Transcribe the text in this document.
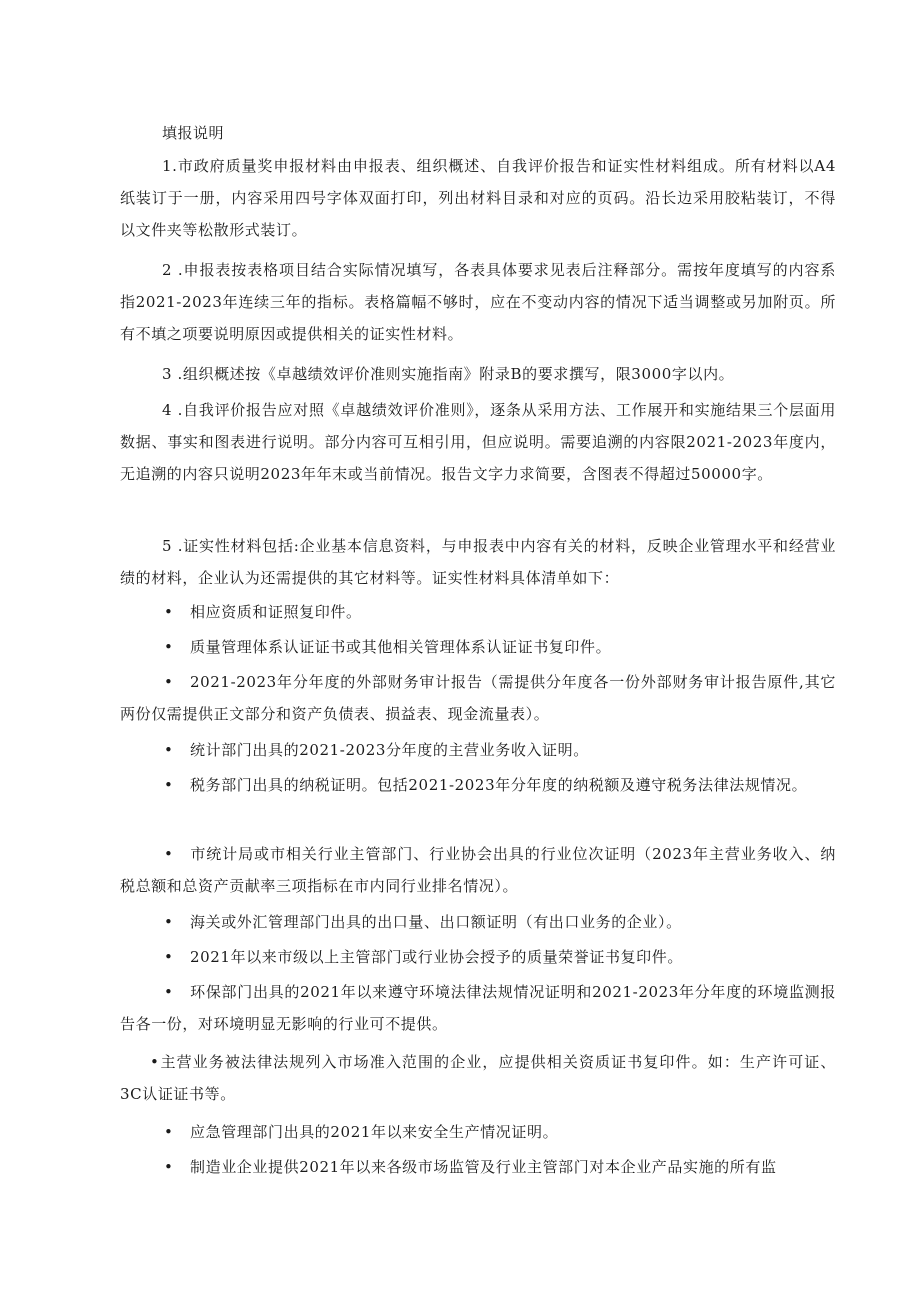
填报说明
1.市政府质量奖申报材料由申报表、组织概述、自我评价报告和证实性材料组成。所有材料以A4纸装订于一册，内容采用四号字体双面打印，列出材料目录和对应的页码。沿长边采用胶粘装订，不得以文件夹等松散形式装订。
2 .申报表按表格项目结合实际情况填写，各表具体要求见表后注释部分。需按年度填写的内容系指2021-2023年连续三年的指标。表格篇幅不够时，应在不变动内容的情况下适当调整或另加附页。所有不填之项要说明原因或提供相关的证实性材料。
3 .组织概述按《卓越绩效评价准则实施指南》附录B的要求撰写，限3000字以内。
4 .自我评价报告应对照《卓越绩效评价准则》，逐条从采用方法、工作展开和实施结果三个层面用数据、事实和图表进行说明。部分内容可互相引用，但应说明。需要追溯的内容限2021-2023年度内，无追溯的内容只说明2023年年末或当前情况。报告文字力求简要，含图表不得超过50000字。
5 .证实性材料包括:企业基本信息资料，与申报表中内容有关的材料，反映企业管理水平和经营业绩的材料，企业认为还需提供的其它材料等。证实性材料具体清单如下：
• 相应资质和证照复印件。
• 质量管理体系认证证书或其他相关管理体系认证证书复印件。
• 2021-2023年分年度的外部财务审计报告（需提供分年度各一份外部财务审计报告原件,其它两份仅需提供正文部分和资产负债表、损益表、现金流量表）。
• 统计部门出具的2021-2023分年度的主营业务收入证明。
• 税务部门出具的纳税证明。包括2021-2023年分年度的纳税额及遵守税务法律法规情况。
• 市统计局或市相关行业主管部门、行业协会出具的行业位次证明（2023年主营业务收入、纳税总额和总资产贡献率三项指标在市内同行业排名情况）。
• 海关或外汇管理部门出具的出口量、出口额证明（有出口业务的企业）。
• 2021年以来市级以上主管部门或行业协会授予的质量荣誉证书复印件。
• 环保部门出具的2021年以来遵守环境法律法规情况证明和2021-2023年分年度的环境监测报告各一份，对环境明显无影响的行业可不提供。
•主营业务被法律法规列入市场准入范围的企业，应提供相关资质证书复印件。如：生产许可证、3C认证证书等。
• 应急管理部门出具的2021年以来安全生产情况证明。
• 制造业企业提供2021年以来各级市场监管及行业主管部门对本企业产品实施的所有监
